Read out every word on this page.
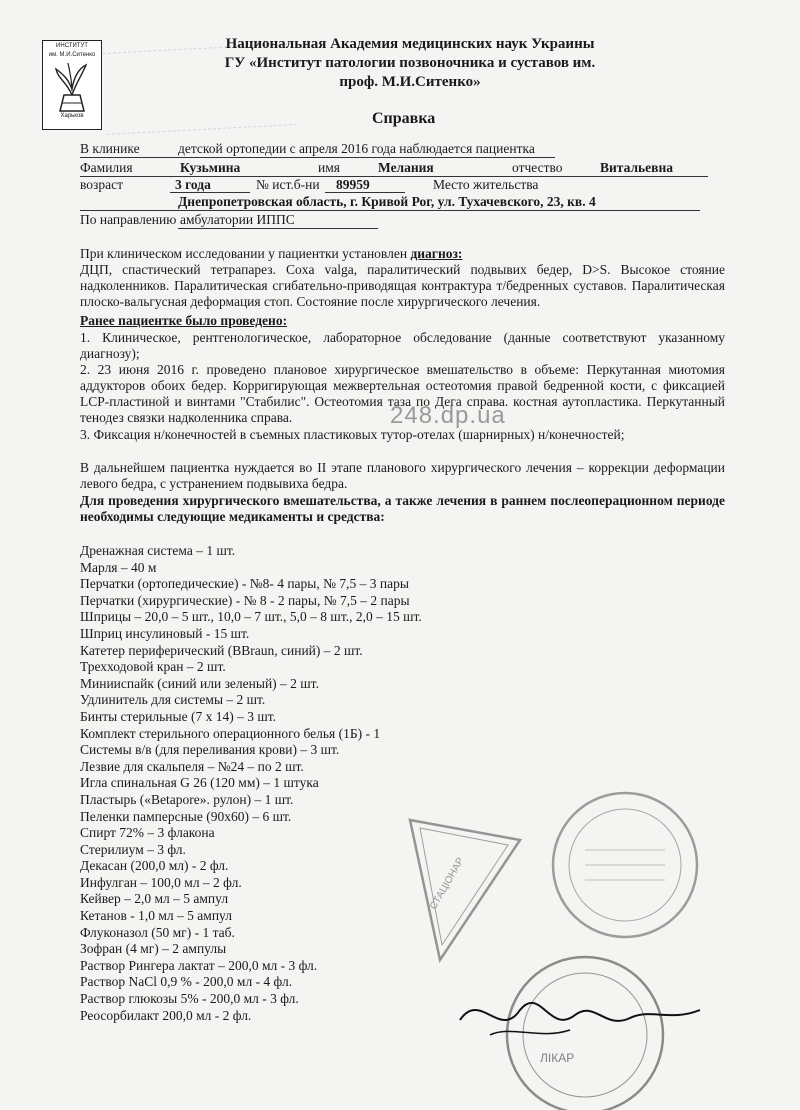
ИНСТИТУТ
им. М.И.Ситенко
Харьков
Национальная Академия медицинских наук Украины
ГУ «Институт патологии позвоночника и суставов им.
проф. М.И.Ситенко»
Справка
В клинике	детской ортопедии с апреля 2016 года наблюдается пациентка
Фамилия	Кузьмина	имя	Мелания	отчество	Витальевна
возраст	3 года	№ ист.б-ни 89959	Место жительства
Днепропетровская область, г. Кривой Рог, ул. Тухачевского, 23, кв. 4
По направлению амбулатории ИППС
При клиническом исследовании у пациентки установлен диагноз:
ДЦП, спастический тетрапарез. Coxa valga, паралитический подвывих бедер, D>S. Высокое стояние надколенников. Паралитическая сгибательно-приводящая контрактура т/бедренных суставов. Паралитическая плоско-вальгусная деформация стоп. Состояние после хирургического лечения.
Ранее пациентке было проведено:
1. Клиническое, рентгенологическое, лабораторное обследование (данные соответствуют указанному диагнозу);
2. 23 июня 2016 г. проведено плановое хирургическое вмешательство в объеме: Перкутанная миотомия аддукторов обоих бедер. Корригирующая межвертельная остеотомия правой бедренной кости, с фиксацией LCP-пластиной и винтами "Стабилис". Остеотомия таза по Дега справа. костная аутопластика. Перкутанный тенодез связки надколенника справа.
3. Фиксация н/конечностей в съемных пластиковых тутор-отелах (шарнирных) н/конечностей;
В дальнейшем пациентка нуждается во II этапе планового хирургического лечения – коррекции деформации левого бедра, с устранением подвывиха бедра.
Для проведения хирургического вмешательства, а также лечения в раннем послеоперационном периоде необходимы следующие медикаменты и средства:
Дренажная система – 1 шт.
Марля – 40 м
Перчатки (ортопедические) - №8- 4 пары, № 7,5 – 3 пары
Перчатки (хирургические) - № 8 - 2 пары, № 7,5 – 2 пары
Шприцы – 20,0 – 5 шт., 10,0 – 7 шт., 5,0 – 8 шт., 2,0 – 15 шт.
Шприц инсулиновый - 15 шт.
Катетер периферический (BBraun, синий) – 2 шт.
Трехходовой кран – 2 шт.
Минииспайк (синий или зеленый) – 2 шт.
Удлинитель для системы – 2 шт.
Бинты стерильные (7 х 14) – 3 шт.
Комплект стерильного операционного белья (1Б) - 1
Системы в/в (для переливания крови) – 3 шт.
Лезвие для скальпеля – №24 – по 2 шт.
Игла спинальная G 26 (120 мм) – 1 штука
Пластырь («Betapore». рулон) – 1 шт.
Пеленки памперсные (90х60) – 6 шт.
Спирт 72% – 3 флакона
Стерилиум – 3 фл.
Декасан (200,0 мл) - 2 фл.
Инфулган – 100,0 мл – 2 фл.
Кейвер – 2,0 мл – 5 ампул
Кетанов - 1,0 мл – 5 ампул
Флуконазол (50 мг) - 1 таб.
Зофран (4 мг) – 2 ампулы
Раствор Рингера лактат – 200,0 мл - 3 фл.
Раствор NaCl 0,9 % - 200,0 мл - 4 фл.
Раствор глюкозы 5% - 200,0 мл - 3 фл.
Реосорбилакт 200,0 мл - 2 фл.
248.dp.ua
СТАЦІОНАР
ЛІКАР
